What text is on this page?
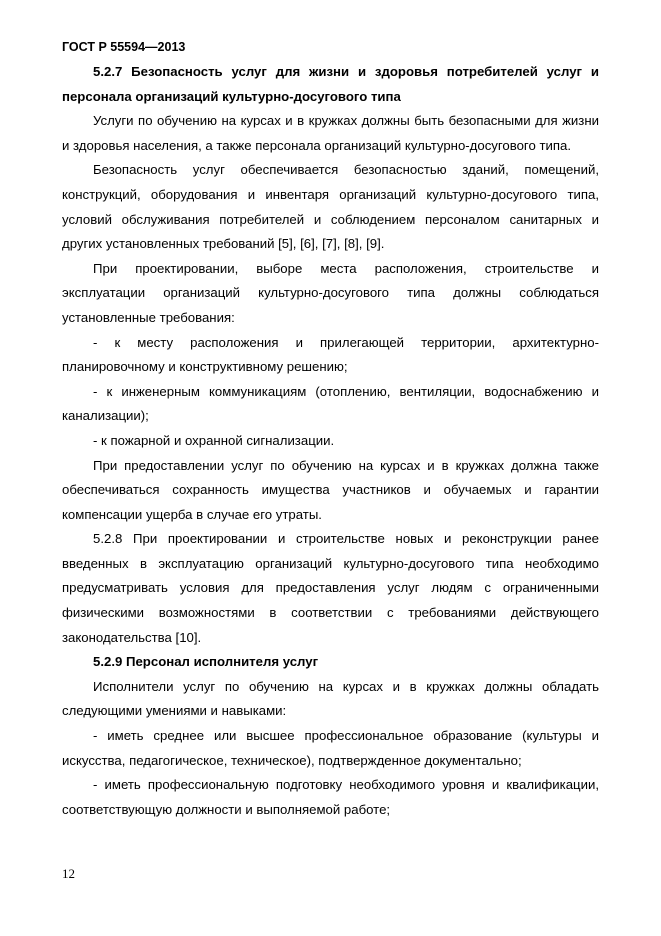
ГОСТ Р 55594—2013

5.2.7 Безопасность услуг для жизни и здоровья потребителей услуг и персонала организаций культурно-досугового типа

Услуги по обучению на курсах и в кружках должны быть безопасными для жизни и здоровья населения, а также персонала организаций культурно-досугового типа.

Безопасность услуг обеспечивается безопасностью зданий, помещений, конструкций, оборудования и инвентаря организаций культурно-досугового типа, условий обслуживания потребителей и соблюдением персоналом санитарных и других установленных требований [5], [6], [7], [8], [9].

При проектировании, выборе места расположения, строительстве и эксплуатации организаций культурно-досугового типа должны соблюдаться установленные требования:

- к месту расположения и прилегающей территории, архитектурно-планировочному и конструктивному решению;

- к инженерным коммуникациям (отоплению, вентиляции, водоснабжению и канализации);

- к пожарной и охранной сигнализации.

При предоставлении услуг по обучению на курсах и в кружках должна также обеспечиваться сохранность имущества участников и обучаемых и гарантии компенсации ущерба в случае его утраты.

5.2.8 При проектировании и строительстве новых и реконструкции ранее введенных в эксплуатацию организаций культурно-досугового типа необходимо предусматривать условия для предоставления услуг людям с ограниченными физическими возможностями в соответствии с требованиями действующего законодательства [10].

5.2.9 Персонал исполнителя услуг

Исполнители услуг по обучению на курсах и в кружках должны обладать следующими умениями и навыками:

- иметь среднее или высшее профессиональное образование (культуры и искусства, педагогическое, техническое), подтвержденное документально;

- иметь профессиональную подготовку необходимого уровня и квалификации, соответствующую должности и выполняемой работе;

12
